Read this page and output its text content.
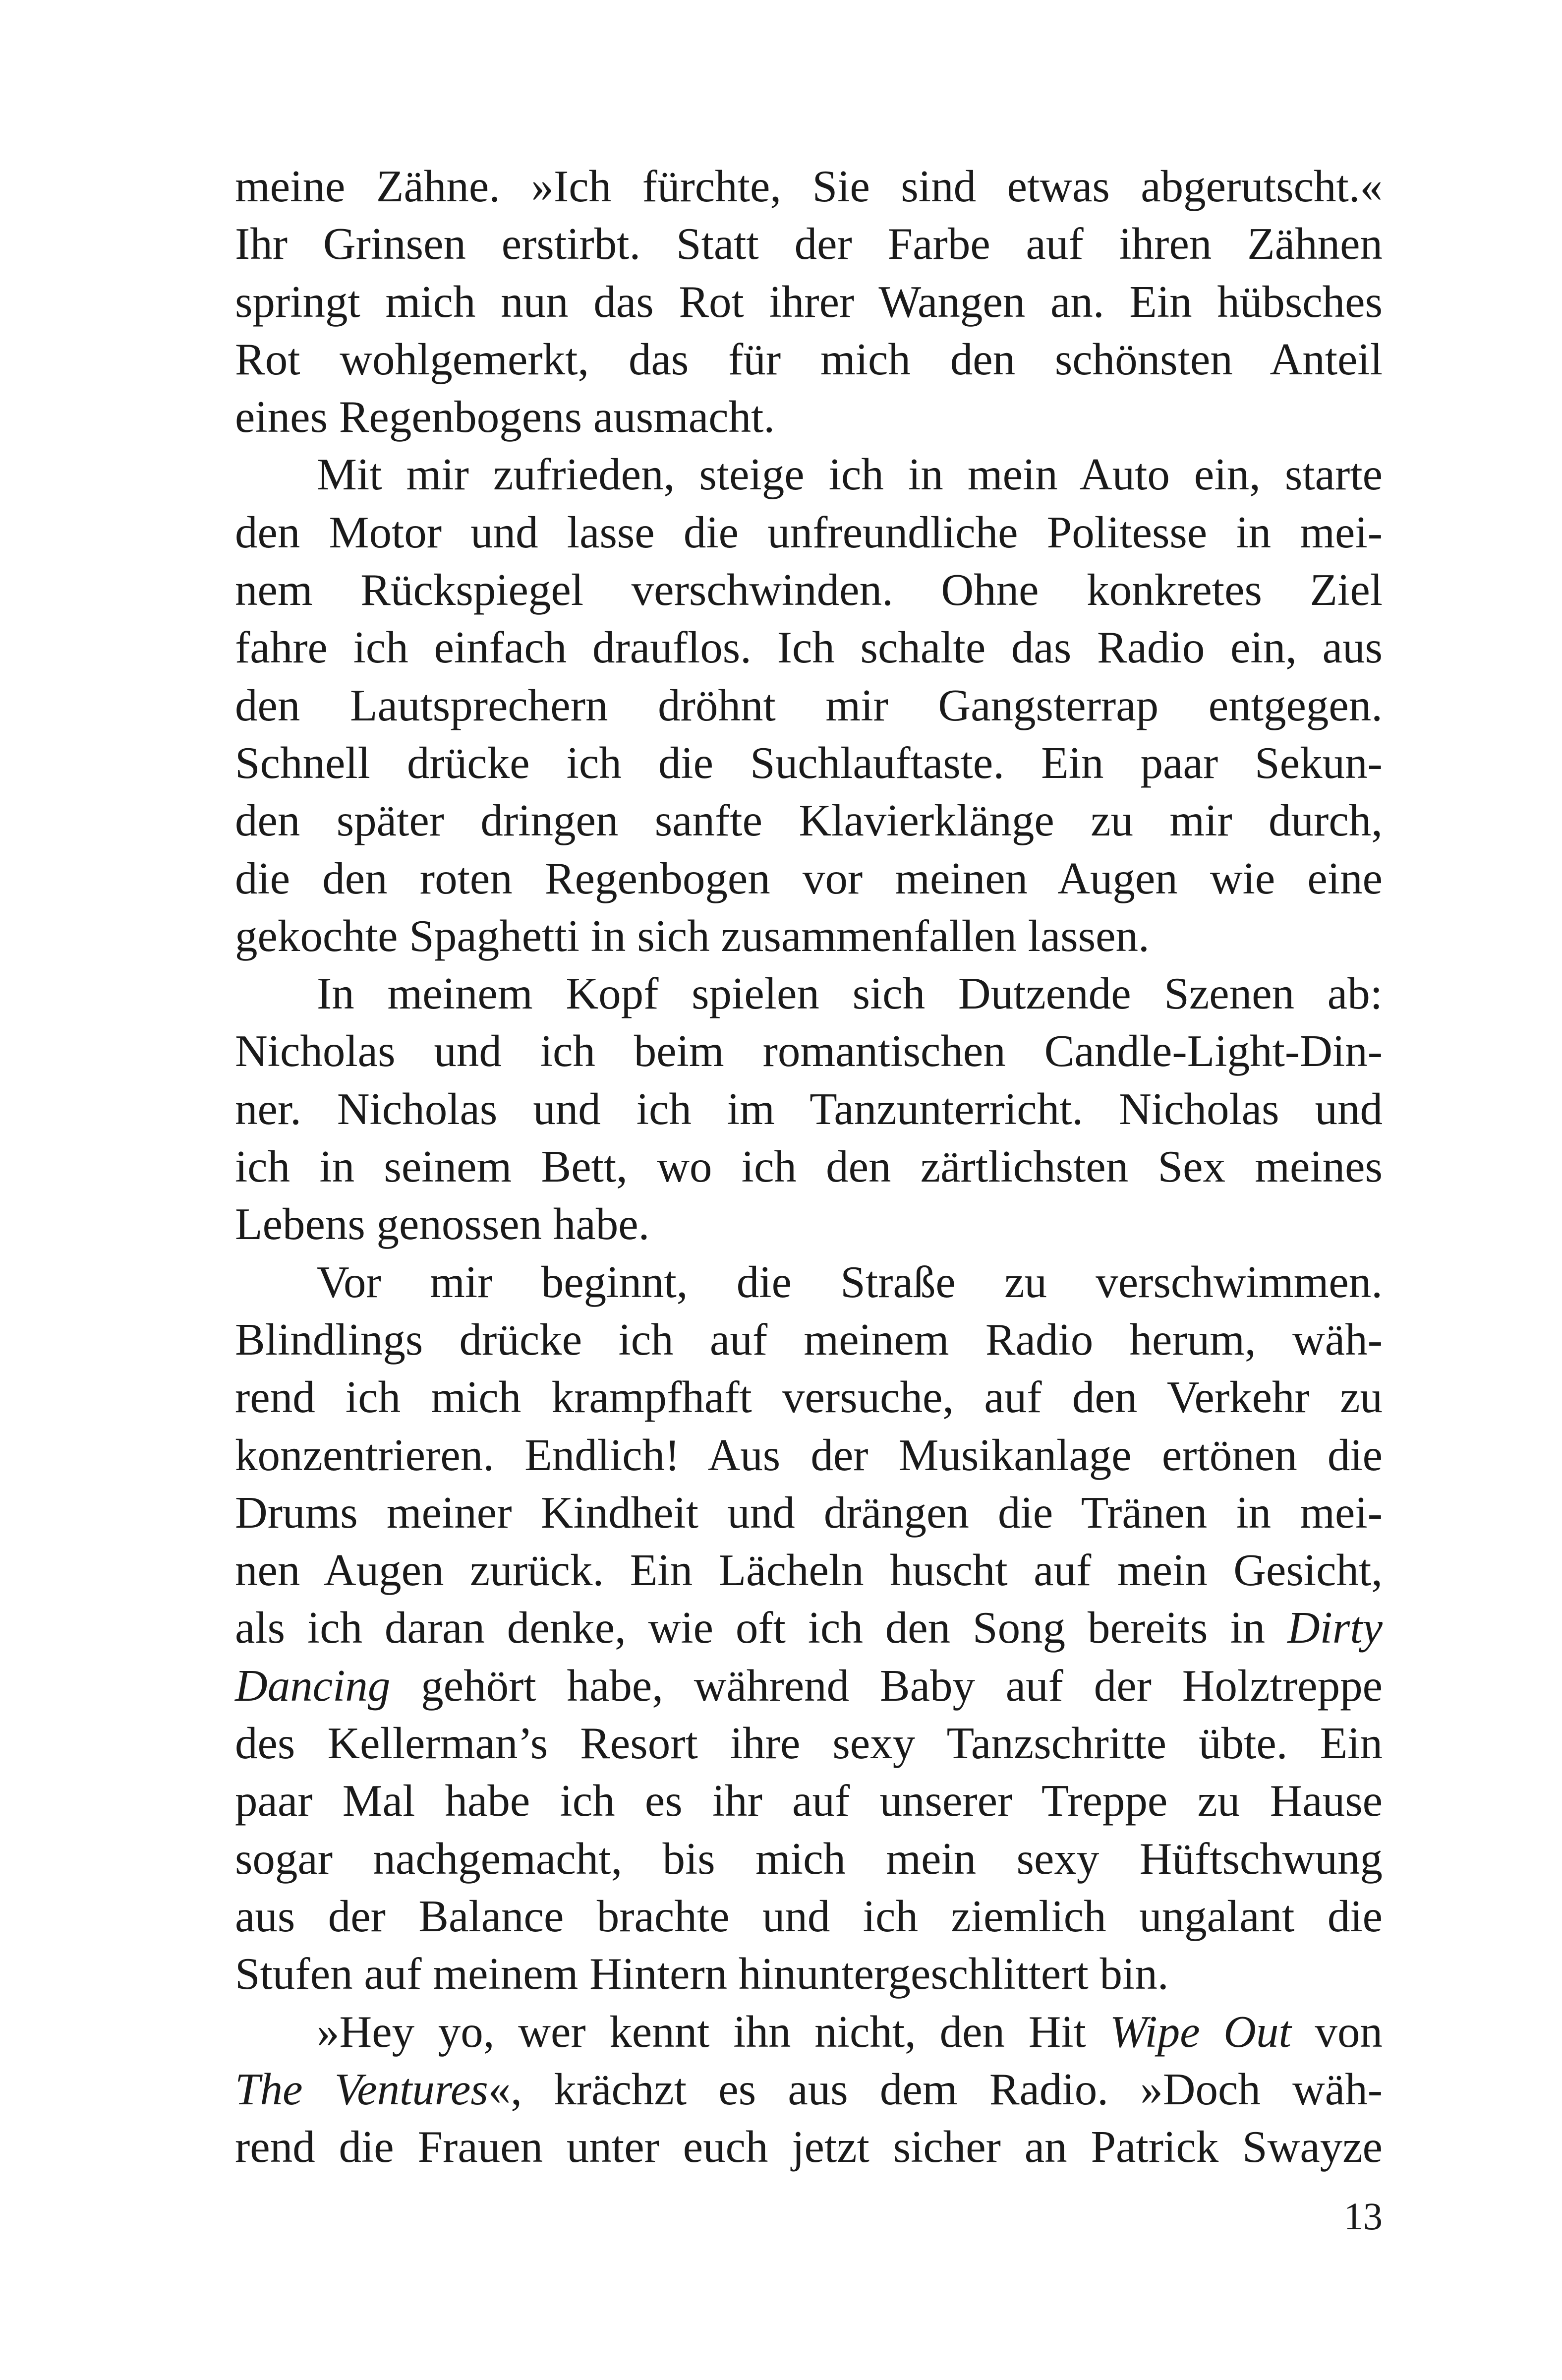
meine Zähne. »Ich fürchte, Sie sind etwas abgerutscht.«
Ihr Grinsen erstirbt. Statt der Farbe auf ihren Zähnen
springt mich nun das Rot ihrer Wangen an. Ein hübsches
Rot wohlgemerkt, das für mich den schönsten Anteil
eines Regenbogens ausmacht.
Mit mir zufrieden, steige ich in mein Auto ein, starte
den Motor und lasse die unfreundliche Politesse in mei-
nem Rückspiegel verschwinden. Ohne konkretes Ziel
fahre ich einfach drauflos. Ich schalte das Radio ein, aus
den Lautsprechern dröhnt mir Gangsterrap entgegen.
Schnell drücke ich die Suchlauftaste. Ein paar Sekun-
den später dringen sanfte Klavierklänge zu mir durch,
die den roten Regenbogen vor meinen Augen wie eine
gekochte Spaghetti in sich zusammenfallen lassen.
In meinem Kopf spielen sich Dutzende Szenen ab:
Nicholas und ich beim romantischen Candle-Light-Din-
ner. Nicholas und ich im Tanzunterricht. Nicholas und
ich in seinem Bett, wo ich den zärtlichsten Sex meines
Lebens genossen habe.
Vor mir beginnt, die Straße zu verschwimmen.
Blindlings drücke ich auf meinem Radio herum, wäh-
rend ich mich krampfhaft versuche, auf den Verkehr zu
konzentrieren. Endlich! Aus der Musikanlage ertönen die
Drums meiner Kindheit und drängen die Tränen in mei-
nen Augen zurück. Ein Lächeln huscht auf mein Gesicht,
als ich daran denke, wie oft ich den Song bereits in Dirty
Dancing gehört habe, während Baby auf der Holztreppe
des Kellerman’s Resort ihre sexy Tanzschritte übte. Ein
paar Mal habe ich es ihr auf unserer Treppe zu Hause
sogar nachgemacht, bis mich mein sexy Hüftschwung
aus der Balance brachte und ich ziemlich ungalant die
Stufen auf meinem Hintern hinuntergeschlittert bin.
»Hey yo, wer kennt ihn nicht, den Hit Wipe Out von
The Ventures«, krächzt es aus dem Radio. »Doch wäh-
rend die Frauen unter euch jetzt sicher an Patrick Swayze
13
